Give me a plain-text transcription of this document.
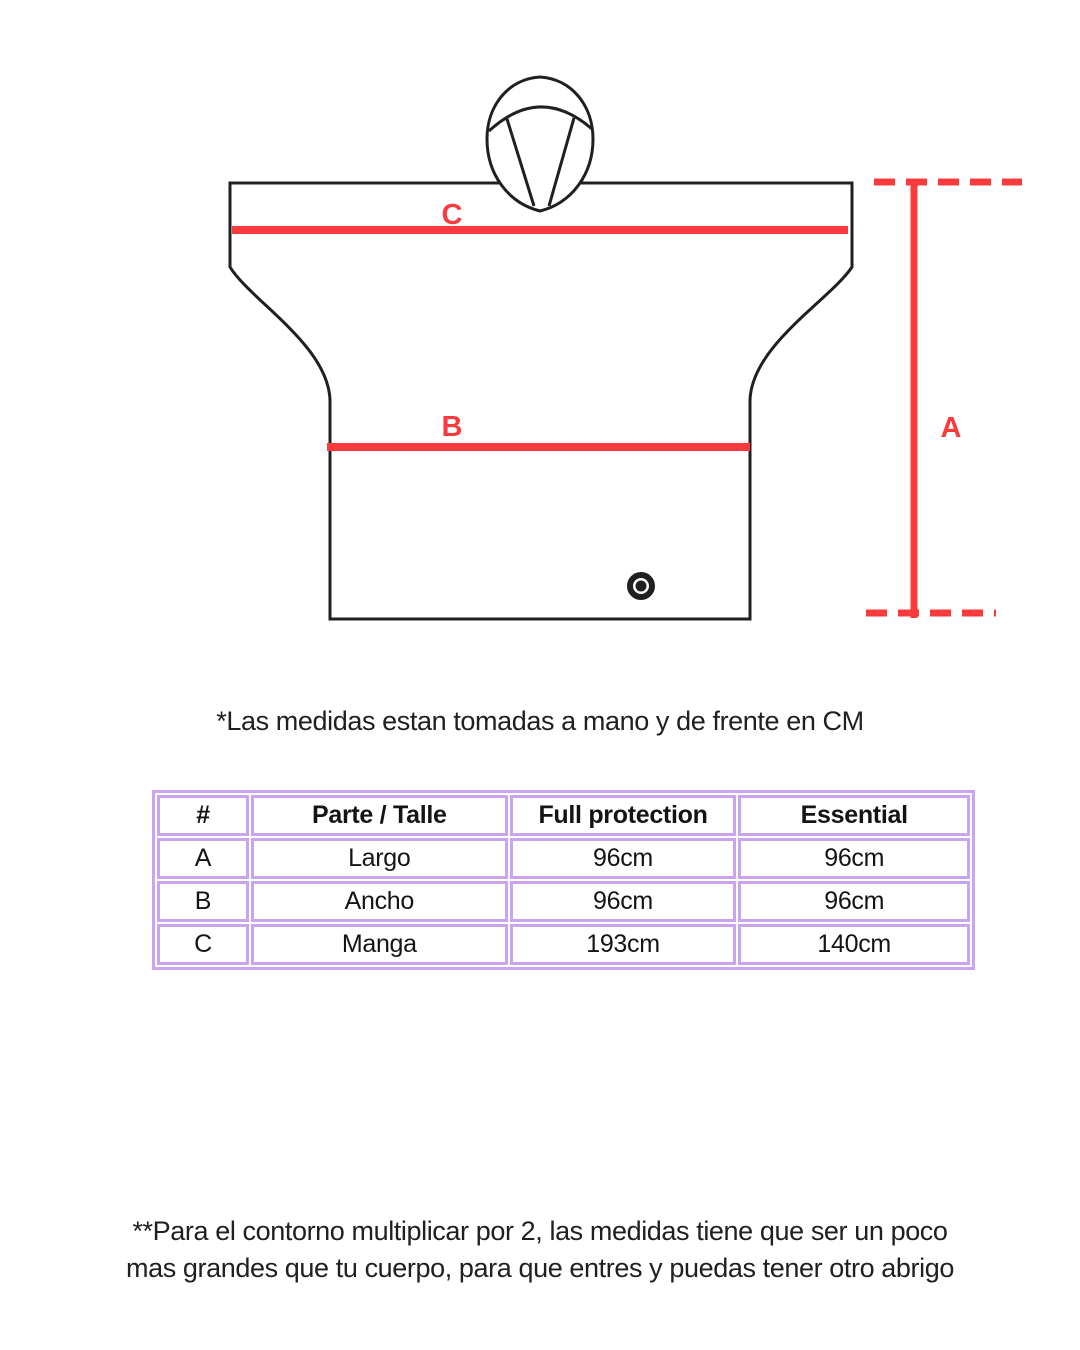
C
B	A

*Las medidas estan tomadas a mano y de frente en CM

#	Parte / Talle	Full protection	Essential
A	Largo	96cm	96cm
B	Ancho	96cm	96cm
C	Manga	193cm	140cm

**Para el contorno multiplicar por 2, las medidas tiene que ser un poco
mas grandes que tu cuerpo, para que entres y puedas tener otro abrigo
